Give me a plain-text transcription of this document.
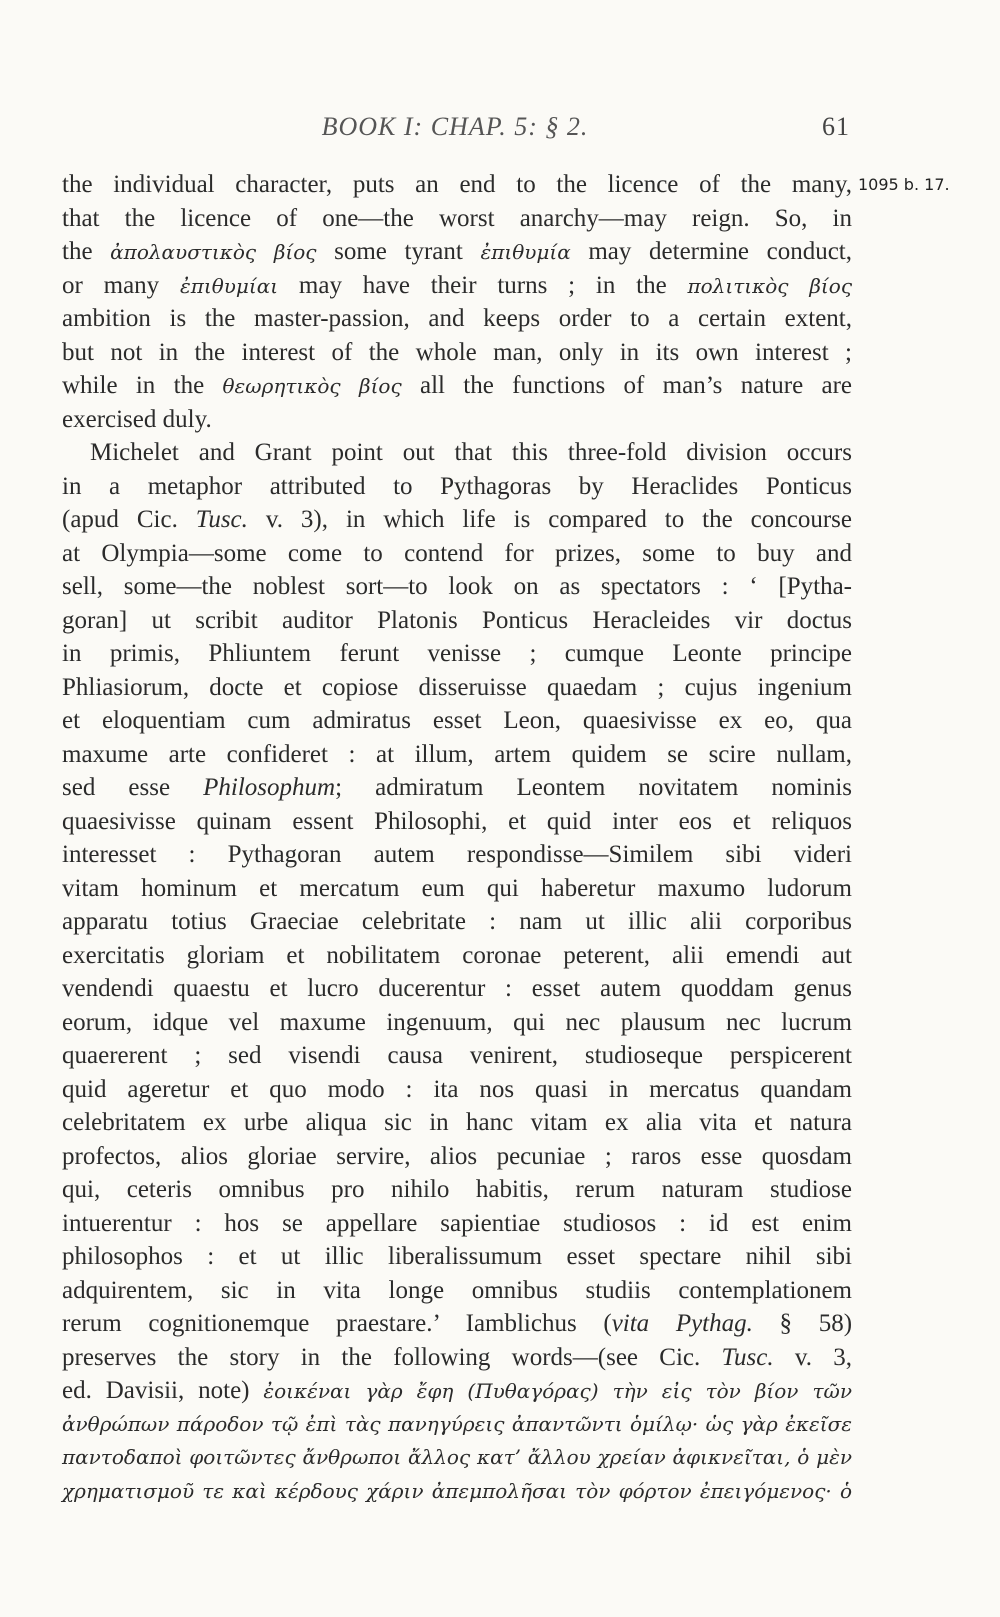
BOOK I: CHAP. 5: § 2.	61
1095 b. 17.
the individual character, puts an end to the licence of the many,
that the licence of one—the worst anarchy—may reign. So, in
the ἀπολαυστικὸς βίος some tyrant ἐπιθυμία may determine conduct,
or many ἐπιθυμίαι may have their turns ; in the πολιτικὸς βίος
ambition is the master-passion, and keeps order to a certain extent,
but not in the interest of the whole man, only in its own interest ;
while in the θεωρητικὸς βίος all the functions of man’s nature are
exercised duly.
Michelet and Grant point out that this three-fold division occurs
in a metaphor attributed to Pythagoras by Heraclides Ponticus
(apud Cic. Tusc. v. 3), in which life is compared to the concourse
at Olympia—some come to contend for prizes, some to buy and
sell, some—the noblest sort—to look on as spectators : ‘ [Pytha-
goran] ut scribit auditor Platonis Ponticus Heracleides vir doctus
in primis, Phliuntem ferunt venisse ; cumque Leonte principe
Phliasiorum, docte et copiose disseruisse quaedam ; cujus ingenium
et eloquentiam cum admiratus esset Leon, quaesivisse ex eo, qua
maxume arte confideret : at illum, artem quidem se scire nullam,
sed esse Philosophum; admiratum Leontem novitatem nominis
quaesivisse quinam essent Philosophi, et quid inter eos et reliquos
interesset : Pythagoran autem respondisse—Similem sibi videri
vitam hominum et mercatum eum qui haberetur maxumo ludorum
apparatu totius Graeciae celebritate : nam ut illic alii corporibus
exercitatis gloriam et nobilitatem coronae peterent, alii emendi aut
vendendi quaestu et lucro ducerentur : esset autem quoddam genus
eorum, idque vel maxume ingenuum, qui nec plausum nec lucrum
quaererent ; sed visendi causa venirent, studioseque perspicerent
quid ageretur et quo modo : ita nos quasi in mercatus quandam
celebritatem ex urbe aliqua sic in hanc vitam ex alia vita et natura
profectos, alios gloriae servire, alios pecuniae ; raros esse quosdam
qui, ceteris omnibus pro nihilo habitis, rerum naturam studiose
intuerentur : hos se appellare sapientiae studiosos : id est enim
philosophos : et ut illic liberalissumum esset spectare nihil sibi
adquirentem, sic in vita longe omnibus studiis contemplationem
rerum cognitionemque praestare.’ Iamblichus (vita Pythag. § 58)
preserves the story in the following words—(see Cic. Tusc. v. 3,
ed. Davisii, note) ἐοικέναι γὰρ ἔφη (Πυθαγόρας) τὴν εἰς τὸν βίον τῶν
ἀνθρώπων πάροδον τῷ ἐπὶ τὰς πανηγύρεις ἀπαντῶντι ὁμίλῳ· ὡς γὰρ ἐκεῖσε
παντοδαποὶ φοιτῶντες ἄνθρωποι ἄλλος κατ’ ἄλλου χρείαν ἀφικνεῖται, ὁ μὲν
χρηματισμοῦ τε καὶ κέρδους χάριν ἀπεμπολῆσαι τὸν φόρτον ἐπειγόμενος· ὁ
